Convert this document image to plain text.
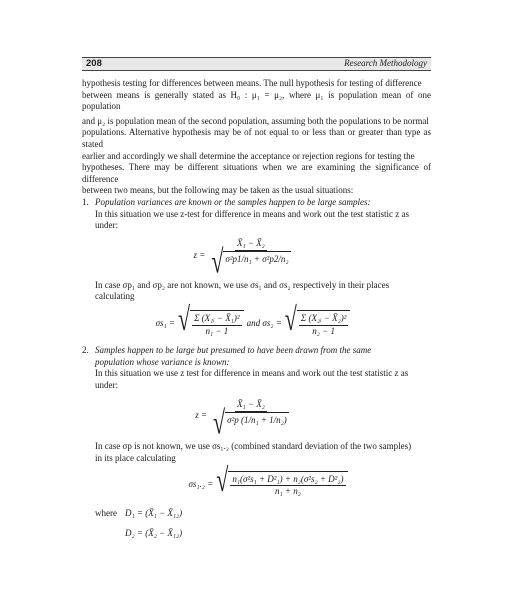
208	Research Methodology

hypothesis testing for differences between means. The null hypothesis for testing of difference

between means is generally stated as H₀ : μ₁ = μ₂, where μ₁ is population mean of one population

and μ₂ is population mean of the second population, assuming both the populations to be normal

populations. Alternative hypothesis may be of not equal to or less than or greater than type as stated

earlier and accordingly we shall determine the acceptance or rejection regions for testing the

hypotheses. There may be different situations when we are examining the significance of difference

between two means, but the following may be taken as the usual situations:

1. Population variances are known or the samples happen to be large samples:

In this situation we use z-test for difference in means and work out the test statistic z as

under:

$z = \frac{\text{X̄₁ − X̄₂}}{\text{√ σ²p1/n₁ + σ²p2/n₂}}$

In case σp₁ and σp₂ are not known, we use σs₁ and σs₂ respectively in their places

calculating

σs₁ = √ $\frac{\text{Σ (X₁ᵢ − X̄₁)²}}{\text{n₁ − 1}}$ and σs₂ = √ $\frac{\text{Σ (X₂ᵢ − X̄₂)²}}{\text{n₂ − 1}}$
2. Samples happen to be large but presumed to have been drawn from the same

population whose variance is known:

In this situation we use z test for difference in means and work out the test statistic z as

under:

$z = \frac{\text{X̄₁ − X̄₂}}{\text{√ σ²p (1/n₁ + 1/n₂)}}$

In case σp is not known, we use σs₁.₂ (combined standard deviation of the two samples)

in its place calculating

σs₁.₂ = √ $\frac{\text{n₁(σ²s₁ + D²₁) + n₂(σ²s₂ + D²₂)}}{\text{n₁ + n₂}}$
where D₁ = (X̄₁ − X̄₁₂)
D₂ = (X̄₂ − X̄₁₂)
